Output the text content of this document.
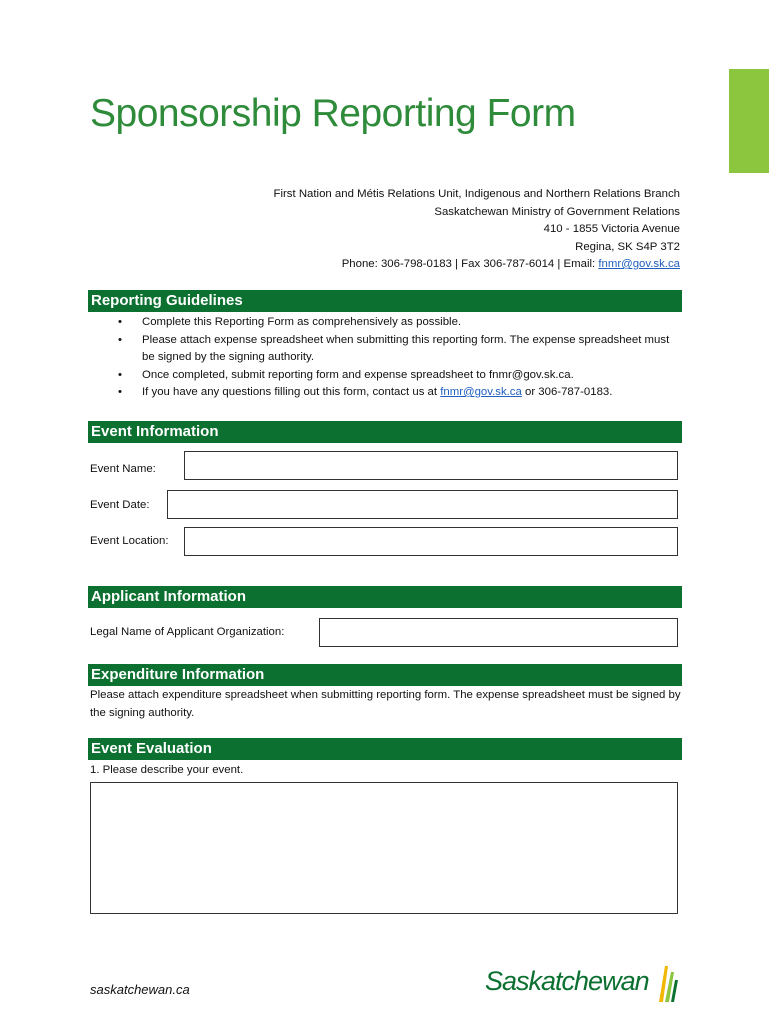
Sponsorship Reporting Form
First Nation and Métis Relations Unit, Indigenous and Northern Relations Branch
Saskatchewan Ministry of Government Relations
410 - 1855 Victoria Avenue
Regina, SK S4P 3T2
Phone: 306-798-0183 | Fax 306-787-6014 | Email: fnmr@gov.sk.ca
Reporting Guidelines
• Complete this Reporting Form as comprehensively as possible.
• Please attach expense spreadsheet when submitting this reporting form. The expense spreadsheet must be signed by the signing authority.
• Once completed, submit reporting form and expense spreadsheet to fnmr@gov.sk.ca.
• If you have any questions filling out this form, contact us at fnmr@gov.sk.ca or 306-787-0183.
Event Information
Event Name:
Event Date:
Event Location:
Applicant Information
Legal Name of Applicant Organization:
Expenditure Information
Please attach expenditure spreadsheet when submitting reporting form. The expense spreadsheet must be signed by the signing authority.
Event Evaluation
1. Please describe your event.
saskatchewan.ca	Saskatchewan
